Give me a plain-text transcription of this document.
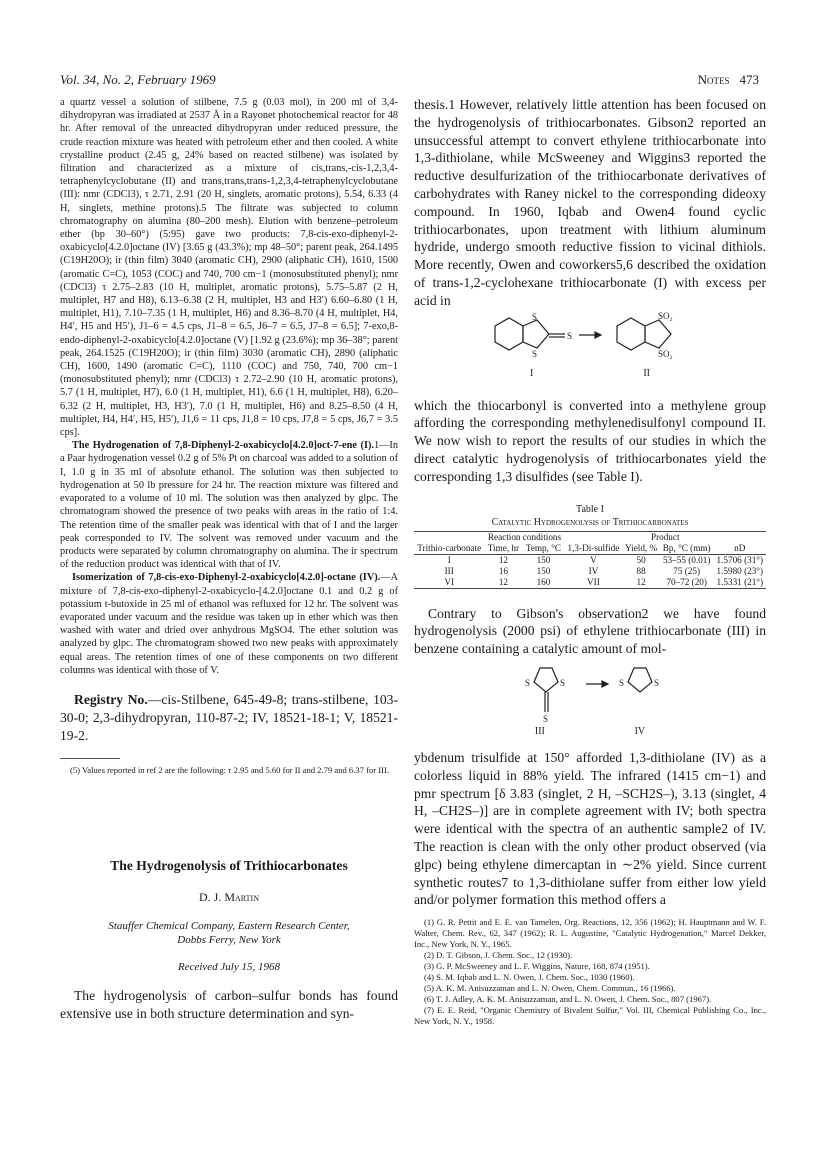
Vol. 34, No. 2, February 1969	Notes 473

a quartz vessel a solution of stilbene, 7.5 g (0.03 mol), in 200 ml of 3,4-dihydropyran was irradiated at 2537 Å in a Rayonet photochemical reactor for 48 hr. After removal of the unreacted dihydropyran under reduced pressure, the crude reaction mixture was heated with petroleum ether and then cooled. A white crystalline product (2.45 g, 24% based on reacted stilbene) was isolated by filtration and characterized as a mixture of cis,trans,-cis-1,2,3,4-tetraphenylcyclobutane (II) and trans,trans,trans-1,2,3,4-tetraphenylcyclobutane (III): nmr (CDCl3), τ 2.71, 2.91 (20 H, singlets, aromatic protons), 5.54, 6.33 (4 H, singlets, methine protons).5 The filtrate was subjected to column chromatography on alumina (80–200 mesh). Elution with benzene–petroleum ether (bp 30–60°) (5:95) gave two products: 7,8-cis-exo-diphenyl-2-oxabicyclo[4.2.0]octane (IV) [3.65 g (43.3%); mp 48–50°; parent peak, 264.1495 (C19H20O); ir (thin film) 3040 (aromatic CH), 2900 (aliphatic CH), 1610, 1500 (aromatic C=C), 1053 (COC) and 740, 700 cm−1 (monosubstituted phenyl); nmr (CDCl3) τ 2.75–2.83 (10 H, multiplet, aromatic protons), 5.75–5.87 (2 H, multiplet, H7 and H8), 6.13–6.38 (2 H, multiplet, H3 and H3′) 6.60–6.80 (1 H, multiplet, H1), 7.10–7.35 (1 H, multiplet, H6) and 8.36–8.70 (4 H, multiplet, H4, H4′, H5 and H5′), J1–6 = 4.5 cps, J1–8 = 6.5, J6–7 = 6.5, J7–8 = 6.5]; 7-exo,8-endo-diphenyl-2-oxabicyclo[4.2.0]octane (V) [1.92 g (23.6%); mp 36–38°; parent peak, 264.1525 (C19H20O); ir (thin film) 3030 (aromatic CH), 2890 (aliphatic CH), 1600, 1490 (aromatic C=C), 1110 (COC) and 750, 740, 700 cm−1 (monosubstituted phenyl); nmr (CDCl3) τ 2.72–2.90 (10 H, aromatic protons), 5.7 (1 H, multiplet, H7), 6.0 (1 H, multiplet, H1), 6.6 (1 H, multiplet, H8), 6.20–6.32 (2 H, multiplet, H3, H3′), 7.0 (1 H, multiplet, H6) and 8.25–8.50 (4 H, multiplet, H4, H4′, H5, H5′), J1,6 = 11 cps, J1,8 = 10 cps, J7,8 = 5 cps, J6,7 = 3.5 cps].

The Hydrogenation of 7,8-Diphenyl-2-oxabicyclo[4.2.0]oct-7-ene (I).1—In a Paar hydrogenation vessel 0.2 g of 5% Pt on charcoal was added to a solution of I, 1.0 g in 35 ml of absolute ethanol. The solution was then subjected to hydrogenation at 50 lb pressure for 24 hr. The reaction mixture was filtered and evaporated to a volume of 10 ml. The solution was then analyzed by glpc. The chromatogram showed the presence of two peaks with areas in the ratio of 1:4. The retention time of the smaller peak was identical with that of I and the larger peak corresponded to IV. The solvent was removed under vacuum and the products were separated by column chromatography on alumina. The ir spectrum of the reduction product was identical with that of IV.

Isomerization of 7,8-cis-exo-Diphenyl-2-oxabicyclo[4.2.0]-octane (IV).—A mixture of 7,8-cis-exo-diphenyl-2-oxabicyclo-[4.2.0]octane 0.1 and 0.2 g of potassium t-butoxide in 25 ml of ethanol was refluxed for 12 hr. The solvent was evaporated under vacuum and the residue was taken up in ether which was then washed with water and dried over anhydrous MgSO4. The ether solution was analyzed by glpc. The chromatogram showed two new peaks with approximately equal areas. The retention times of one of these components on two different columns was identical with those of V.

Registry No.—cis-Stilbene, 645-49-8; trans-stilbene, 103-30-0; 2,3-dihydropyran, 110-87-2; IV, 18521-18-1; V, 18521-19-2.

(5) Values reported in ref 2 are the following: τ 2.95 and 5.60 for II and 2.79 and 6.37 for III.

The Hydrogenolysis of Trithiocarbonates

D. J. Martin

Stauffer Chemical Company, Eastern Research Center,

Dobbs Ferry, New York

Received July 15, 1968

The hydrogenolysis of carbon–sulfur bonds has found extensive use in both structure determination and syn-

thesis.1 However, relatively little attention has been focused on the hydrogenolysis of trithiocarbonates. Gibson2 reported an unsuccessful attempt to convert ethylene trithiocarbonate into 1,3-dithiolane, while McSweeney and Wiggins3 reported the reductive desulfurization of the trithiocarbonate derivatives of carbohydrates with Raney nickel to the corresponding dideoxy compound. In 1960, Iqbab and Owen4 found cyclic trithiocarbonates, upon treatment with lithium aluminum hydride, undergo smooth reductive fission to vicinal dithiols. More recently, Owen and coworkers5,6 described the oxidation of trans-1,2-cyclohexane trithiocarbonate (I) with excess per acid in

S
S
S
SO₂
SO₂
I	II

which the thiocarbonyl is converted into a methylene group affording the corresponding methylenedisulfonyl compound II. We now wish to report the results of our studies in which the direct catalytic hydrogenolysis of trithiocarbonates yield the corresponding 1,3 disulfides (see Table I).

Table I

Catalytic Hydrogenolysis of Trithiocarbonates

	Reaction conditions		Product			
Trithio-carbonate	Time, hr	Temp, °C	1,3-Di-sulfide	Yield, %	Bp, °C (mm)	nD
I	12	150	V	50	53–55 (0.01)	1.5706 (31°)
III	16	150	IV	88	75 (25)	1.5980 (23°)
VI	12	160	VII	12	70–72 (20)	1.5331 (21°)

Contrary to Gibson's observation2 we have found hydrogenolysis (2000 psi) of ethylene trithiocarbonate (III) in benzene containing a catalytic amount of mol-

S	S
S
S	S
III	IV

ybdenum trisulfide at 150° afforded 1,3-dithiolane (IV) as a colorless liquid in 88% yield. The infrared (1415 cm−1) and pmr spectrum [δ 3.83 (singlet, 2 H, –SCH2S–), 3.13 (singlet, 4 H, –CH2S–)] are in complete agreement with IV; both spectra were identical with the spectra of an authentic sample2 of IV. The reaction is clean with the only other product observed (via glpc) being ethylene dimercaptan in ∼2% yield. Since current synthetic routes7 to 1,3-dithiolane suffer from either low yield and/or polymer formation this method offers a

(1) G. R. Pettit and E. E. van Tamelen, Org. Reactions, 12, 356 (1962); H. Hauptmann and W. F. Walter, Chem. Rev., 62, 347 (1962); R. L. Augustine, "Catalytic Hydrogenation," Marcel Dekker, Inc., New York, N. Y., 1965.

(2) D. T. Gibson, J. Chem. Soc., 12 (1930).

(3) G. P. McSweeney and L. F. Wiggins, Nature, 168, 874 (1951).

(4) S. M. Iqbab and L. N. Owen, J. Chem. Soc., 1030 (1960).

(5) A. K. M. Anisuzzaman and L. N. Owen, Chem. Commun., 16 (1966).

(6) T. J. Adley, A. K. M. Anisuzzaman, and L. N. Owen, J. Chem. Soc., 807 (1967).

(7) E. E. Reid, "Organic Chemistry of Bivalent Sulfur," Vol. III, Chemical Publishing Co., Inc., New York, N. Y., 1958.
